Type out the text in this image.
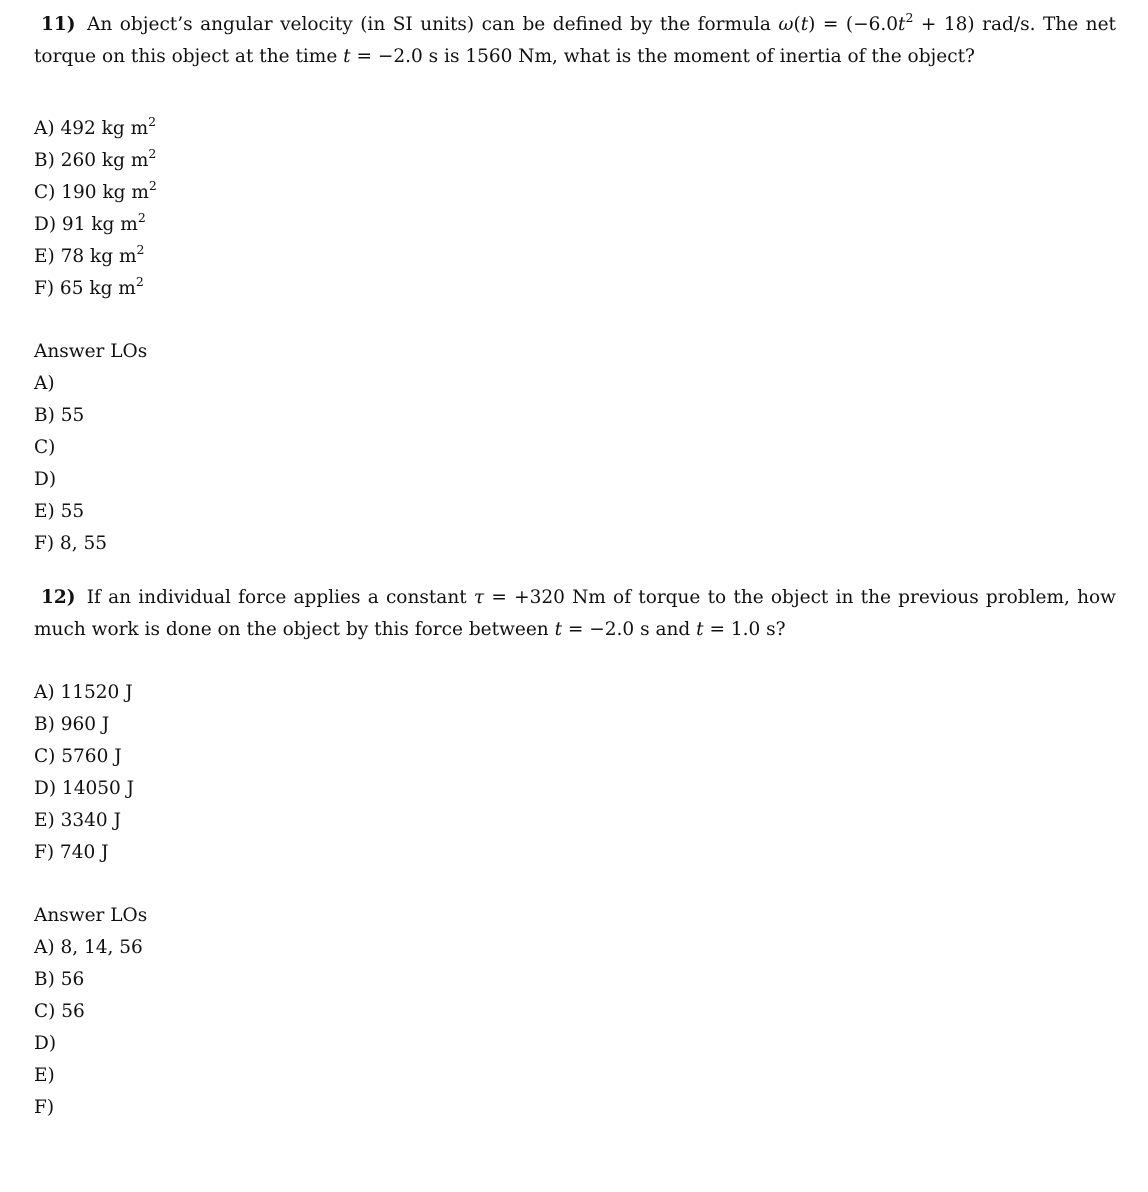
11) An object’s angular velocity (in SI units) can be defined by the formula $\omega(t) = (-6.0t^2 + 18)$ rad/s. The net torque on this object at the time t = −2.0 s is 1560 Nm, what is the moment of inertia of the object?

A) 492 kg $m^2$
B) 260 kg $m^2$
C) 190 kg $m^2$
D) 91 kg $m^2$
E) 78 kg $m^2$
F) 65 kg $m^2$
Answer LOs
A)
B) 55
C)
D)
E) 55
F) 8, 55

12) If an individual force applies a constant τ = +320 Nm of torque to the object in the previous problem, how much work is done on the object by this force between t = −2.0 s and t = 1.0 s?

A) 11520 J
B) 960 J
C) 5760 J
D) 14050 J
E) 3340 J
F) 740 J
Answer LOs
A) 8, 14, 56
B) 56
C) 56
D)
E)
F)
